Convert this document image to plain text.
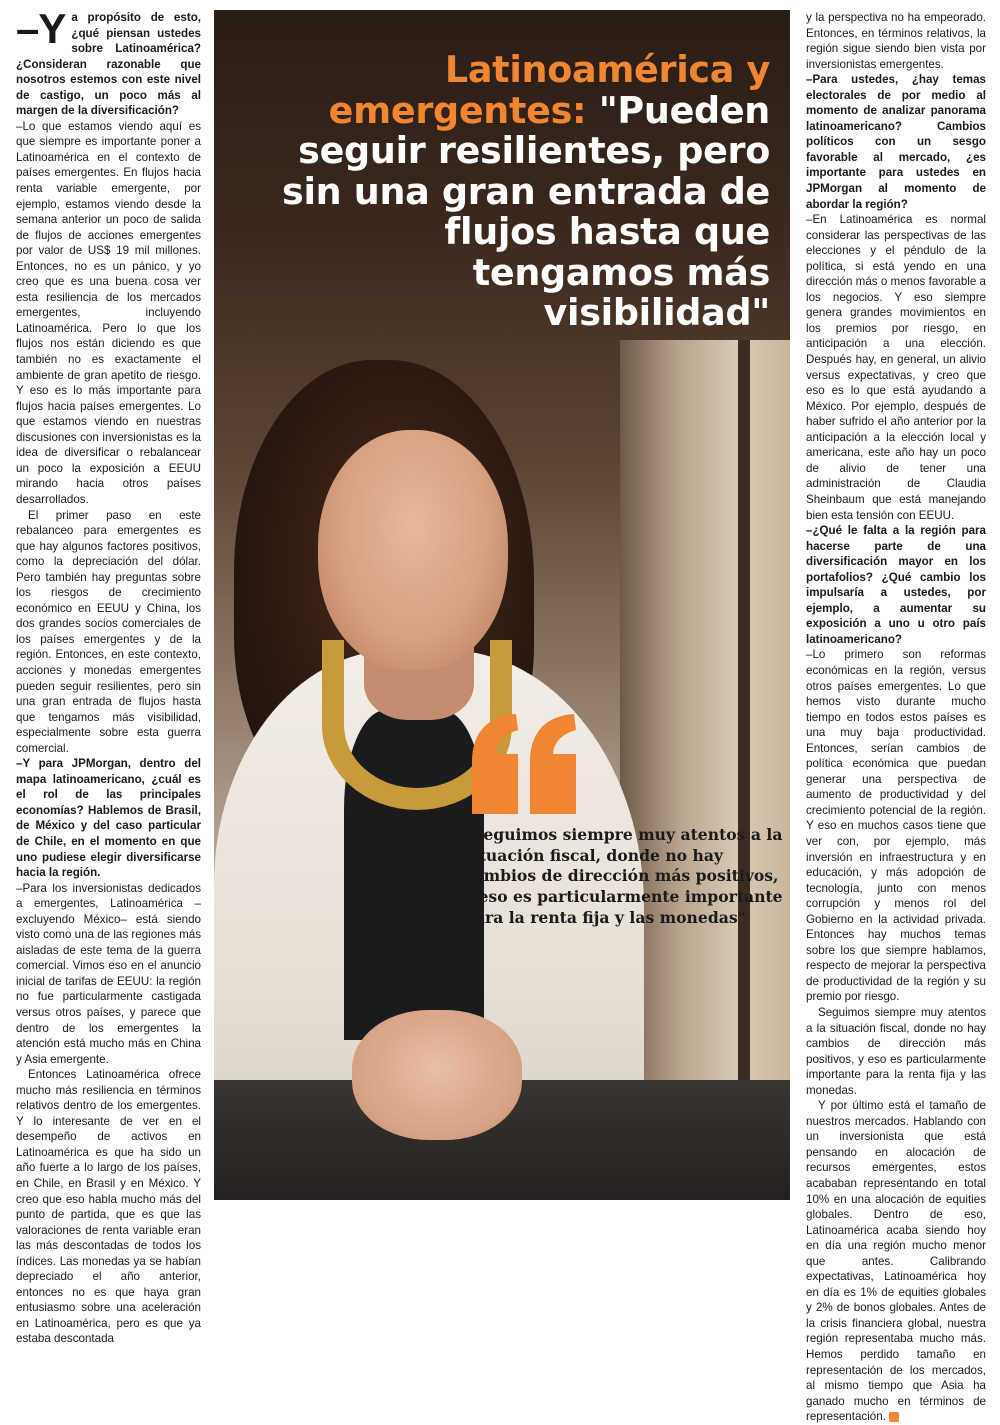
–Y a propósito de esto, ¿qué piensan ustedes sobre Latinoamérica? ¿Consideran razonable que nosotros estemos con este nivel de castigo, un poco más al margen de la diversificación?

–Lo que estamos viendo aquí es que siempre es importante poner a Latinoamérica en el contexto de países emergentes. En flujos hacia renta variable emergente, por ejemplo, estamos viendo desde la semana anterior un poco de salida de flujos de acciones emergentes por valor de US$ 19 mil millones. Entonces, no es un pánico, y yo creo que es una buena cosa ver esta resiliencia de los mercados emergentes, incluyendo Latinoamérica. Pero lo que los flujos nos están diciendo es que también no es exactamente el ambiente de gran apetito de riesgo. Y eso es lo más importante para flujos hacia países emergentes. Lo que estamos viendo en nuestras discusiones con inversionistas es la idea de diversificar o rebalancear un poco la exposición a EEUU mirando hacia otros países desarrollados.

El primer paso en este rebalanceo para emergentes es que hay algunos factores positivos, como la depreciación del dólar. Pero también hay preguntas sobre los riesgos de crecimiento económico en EEUU y China, los dos grandes socios comerciales de los países emergentes y de la región. Entonces, en este contexto, acciones y monedas emergentes pueden seguir resilientes, pero sin una gran entrada de flujos hasta que tengamos más visibilidad, especialmente sobre esta guerra comercial.

–Y para JPMorgan, dentro del mapa latinoamericano, ¿cuál es el rol de las principales economías? Hablemos de Brasil, de México y del caso particular de Chile, en el momento en que uno pudiese elegir diversificarse hacia la región.

–Para los inversionistas dedicados a emergentes, Latinoamérica –excluyendo México– está siendo visto como una de las regiones más aisladas de este tema de la guerra comercial. Vimos eso en el anuncio inicial de tarifas de EEUU: la región no fue particularmente castigada versus otros países, y parece que dentro de los emergentes la atención está mucho más en China y Asia emergente.

Entonces Latinoamérica ofrece mucho más resiliencia en términos relativos dentro de los emergentes. Y lo interesante de ver en el desempeño de activos en Latinoamérica es que ha sido un año fuerte a lo largo de los países, en Chile, en Brasil y en México. Y creo que eso habla mucho más del punto de partida, que es que las valoraciones de renta variable eran las más descontadas de todos los índices. Las monedas ya se habían depreciado el año anterior, entonces no es que haya gran entusiasmo sobre una aceleración en Latinoamérica, pero es que ya estaba descontada

Latinoamérica y emergentes: "Pueden seguir resilientes, pero sin una gran entrada de flujos hasta que tengamos más visibilidad"
"Seguimos siempre muy atentos a la situación fiscal, donde no hay cambios de dirección más positivos, y eso es particularmente importante para la renta fija y las monedas"

y la perspectiva no ha empeorado. Entonces, en términos relativos, la región sigue siendo bien vista por inversionistas emergentes.

–Para ustedes, ¿hay temas electorales de por medio al momento de analizar panorama latinoamericano? Cambios políticos con un sesgo favorable al mercado, ¿es importante para ustedes en JPMorgan al momento de abordar la región?

–En Latinoamérica es normal considerar las perspectivas de las elecciones y el péndulo de la política, si está yendo en una dirección más o menos favorable a los negocios. Y eso siempre genera grandes movimientos en los premios por riesgo, en anticipación a una elección. Después hay, en general, un alivio versus expectativas, y creo que eso es lo que está ayudando a México. Por ejemplo, después de haber sufrido el año anterior por la anticipación a la elección local y americana, este año hay un poco de alivio de tener una administración de Claudia Sheinbaum que está manejando bien esta tensión con EEUU.

–¿Qué le falta a la región para hacerse parte de una diversificación mayor en los portafolios? ¿Qué cambio los impulsaría a ustedes, por ejemplo, a aumentar su exposición a uno u otro país latinoamericano?

–Lo primero son reformas económicas en la región, versus otros países emergentes. Lo que hemos visto durante mucho tiempo en todos estos países es una muy baja productividad. Entonces, serían cambios de política económica que puedan generar una perspectiva de aumento de productividad y del crecimiento potencial de la región. Y eso en muchos casos tiene que ver con, por ejemplo, más inversión en infraestructura y en educación, y más adopción de tecnología, junto con menos corrupción y menos rol del Gobierno en la actividad privada. Entonces hay muchos temas sobre los que siempre hablamos, respecto de mejorar la perspectiva de productividad de la región y su premio por riesgo.

Seguimos siempre muy atentos a la situación fiscal, donde no hay cambios de dirección más positivos, y eso es particularmente importante para la renta fija y las monedas.

Y por último está el tamaño de nuestros mercados. Hablando con un inversionista que está pensando en alocación de recursos emergentes, estos acababan representando en total 10% en una alocación de equities globales. Dentro de eso, Latinoamérica acaba siendo hoy en día una región mucho menor que antes. Calibrando expectativas, Latinoamérica hoy en día es 1% de equities globales y 2% de bonos globales. Antes de la crisis financiera global, nuestra región representaba mucho más. Hemos perdido tamaño en representación de los mercados, al mismo tiempo que Asia ha ganado mucho en términos de representación.
